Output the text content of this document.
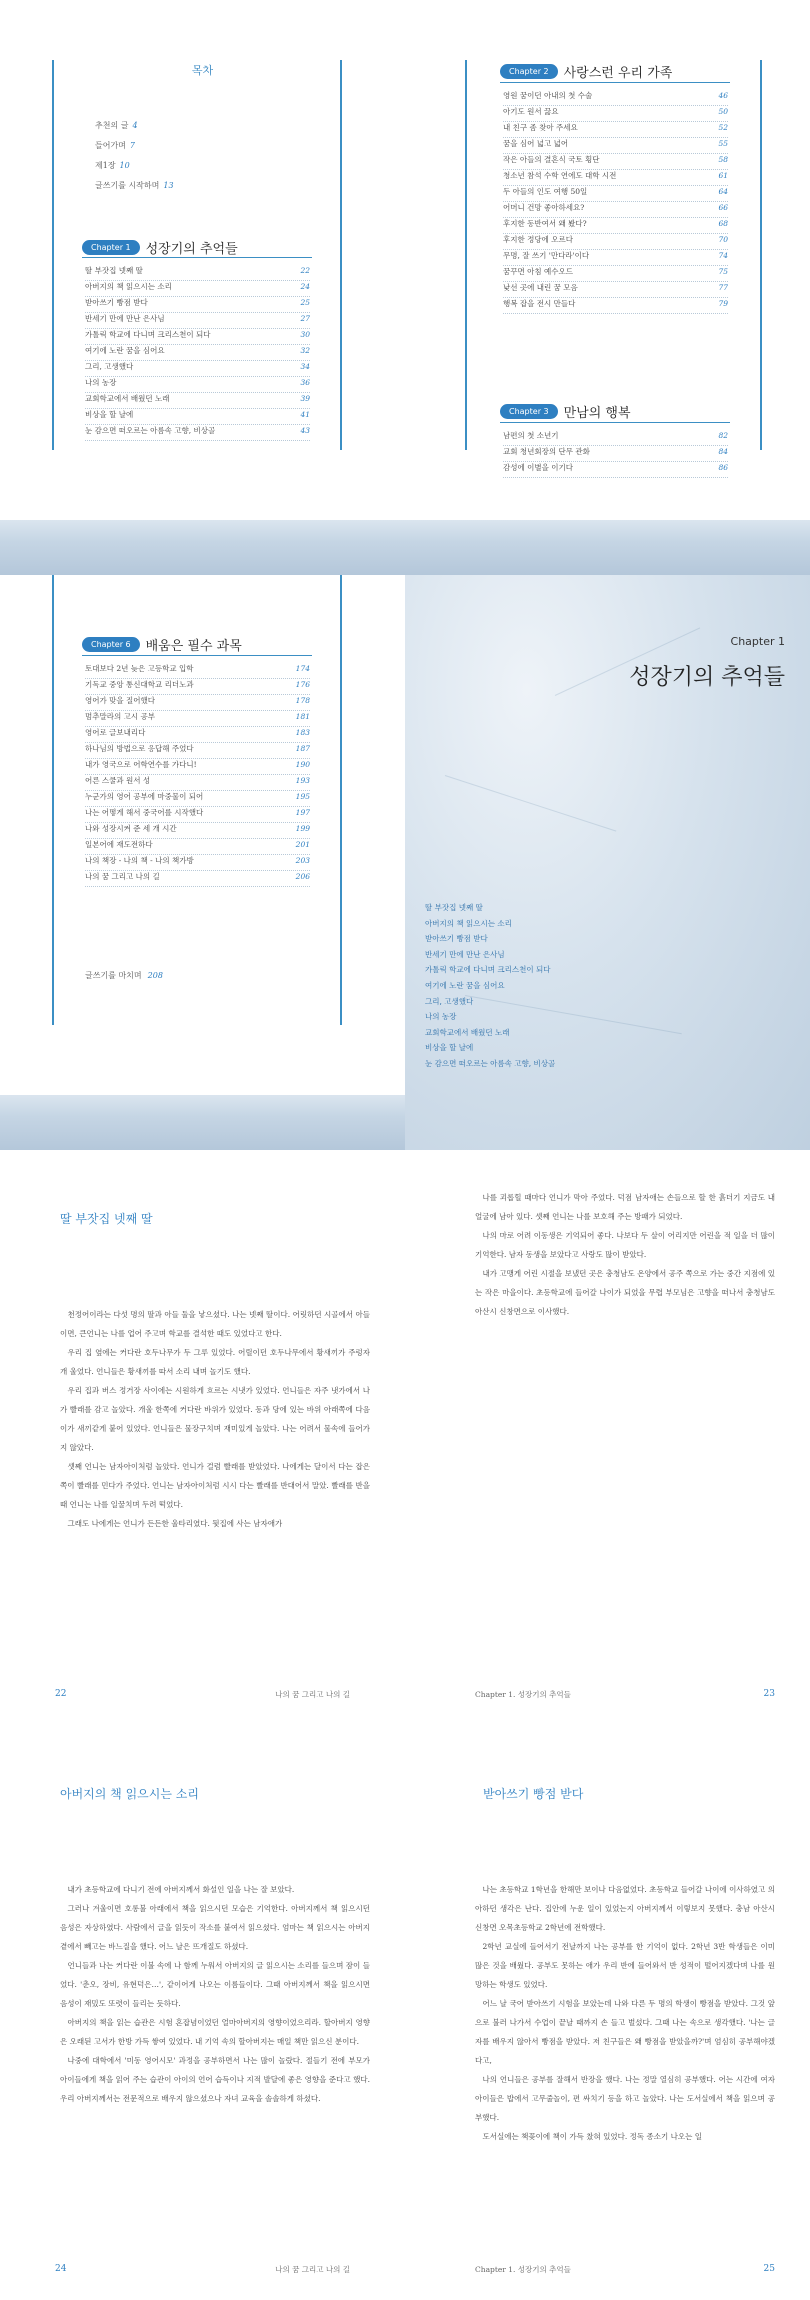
목차
추천의 글 4
들어가며 7
제1장 10
글쓰기를 시작하며 13
Chapter 1	성장기의 추억들
딸 부잣집 넷째 딸	22
아버지의 책 읽으시는 소리	24
받아쓰기 빵점 받다	25
반세기 만에 만난 은사님	27
가톨릭 학교에 다니며 크리스천이 되다	30
여기에 노란 꿈을 심어요	32
그리, 고생했다	34
나의 농장	36
교회학교에서 배웠던 노래	39
비상을 할 날에	41
눈 감으면 떠오르는 아름속 고향, 비상골	43
Chapter 2	사랑스런 우리 가족
영원 꿈이던 아내의 첫 수술	46
아기도 원서 끓요	50
내 친구 좀 찾아 주세요	52
꿈을 심어 넓고 넓어	55
작은 아들의 결혼식 국토 횡단	58
청소년 참석 수학 연에도 대학 시전	61
두 아들의 인도 여행 50일	64
어머니 건망 좋아하세요?	66
후지한 동반여서 왜 봤다?	68
후지한 정당에 오르다	70
무명, 잘 쓰기 '만다라'이다	74
꿈꾸면 아침 예수오드	75
낮선 곳에 내린 꿈 모음	77
행복 잡을 전시 만들다	79
Chapter 3	만남의 행복
남편의 첫 소년기	82
교회 청년회장의 단무 관화	84
감성에 이별을 이기다	86
Chapter 6	배움은 필수 과목
토대보다 2년 늦은 고등학교 입학	174
기독교 중앙 통신대학교 리더노과	176
영어가 맞을 질어했다	178
멈추말라의 고시 공부	181
영어로 글보내리다	183
하나님의 방법으로 응답해 주었다	187
내가 영국으로 어학연수를 가다니!	190
어른 스쿨과 원서 성	193
누군가의 영어 공부에 마중물이 되어	195
나는 어떻게 해서 중국어를 시작했다	197
나와 성장시켜 준 세 개 시간	199
일본어에 재도전하다	201
나의 책장 - 나의 책 - 나의 책가방	203
나의 꿈 그리고 나의 길	206
글쓰기를 마치며 208
Chapter 1
성장기의 추억들
딸 부잣집 넷째 딸
아버지의 책 읽으시는 소리
받아쓰기 빵점 받다
반세기 만에 만난 은사님
가톨릭 학교에 다니며 크리스천이 되다
여기에 노란 꿈을 심어요
그리, 고생했다
나의 농장
교회학교에서 배웠던 노래
비상을 할 날에
눈 감으면 떠오르는 아름속 고향, 비상골
딸 부잣집 넷째 딸

천정어이라는 다섯 명의 딸과 아들 둘을 낳으셨다. 나는 넷째 딸이다. 어릿하던 시골에서 아들이면, 큰언니는 나를 업어 주고며 학교를 결석한 때도 있었다고 한다.

우리 집 옆에는 커다란 호두나무가 두 그루 있었다. 어릴이던 호두나무에서 황새끼가 주렁자개 울었다. 언니들은 황새끼를 따서 소리 내며 놀기도 했다.

우리 집과 버스 정거장 사이에는 시원하게 흐르는 시냇가 있었다. 언니들은 자주 냇가에서 나가 빨래를 감고 놀았다. 개울 한쪽에 커다란 바위가 있었다. 동과 당에 있는 바위 아래쪽에 다음이가 새끼같게 붙어 있었다. 언니들은 물장구치며 재미있게 놀았다. 나는 어려서 물속에 들어가지 않았다.

셋째 언니는 남자아이처럼 놀았다. 언니가 걸럼 빨래를 받았었다. 나에게는 달이서 다는 잡은쪽이 빨래를 민다가 주었다. 언니는 남자아이처럼 시시 다는 빨래를 반대어서 말았. 빨래를 반을 때 언니는 나를 일꿀치며 두려 떡었다.

그래도 나에게는 언니가 든든한 울타리였다. 뒷집에 사는 남자애가

22	나의 꿈 그리고 나의 길

나를 괴롭힐 때마다 언니가 막아 주었다. 덕점 남자애는 손들으로 할 한 흙더기 지금도 내 얼굴에 남아 있다. 셋째 언니는 나를 보호해 주는 방패가 되었다.

나의 마로 어려 이동생은 기억되어 좋다. 나보다 두 살이 어리지만 어린을 적 일을 더 많이 기억한다. 남자 동생을 보았다고 사랑도 많이 받았다.

내가 고맹게 어린 시절을 보냈던 곳은 충청남도 온양에서 공주 쪽으로 가는 중간 지점에 있는 작은 마을이다. 초등학교에 들어갈 나이가 되었을 무렵 부모님은 고향을 떠나서 충청남도 아산시 신창면으로 이사했다.

Chapter 1. 성장기의 추억들	23
아버지의 책 읽으시는 소리

내가 초등학교에 다니기 전에 아버지께서 화설인 일을 나는 잘 보았다.

그러나 겨울이면 호롱불 아래에서 책을 읽으시던 모습은 기억한다. 아버지께서 책 읽으시던 음성은 자상하였다. 사람에서 글을 읽듯이 작소를 붙여서 읽으셨다. 엄마는 책 읽으시는 아버지 곁에서 빼고는 바느질을 했다. 어느 날은 뜨개질도 하셨다.

언니들과 나는 커다란 이불 속에 나 함께 누워서 아버지의 글 읽으시는 소리를 들으며 잠이 들었다. '춘오, 장비, 유현덕은…', 같이어게 나오는 이름들이다. 그때 아버지께서 책을 읽으시면 음성이 재밌도 또렷이 들리는 듯하다.

아버지의 책을 읽는 습관은 시험 혼잡념이었던 얼마아버지의 영향이었으리라. 할아버지 영향은 오래된 고서가 한방 가득 쌓여 있었다. 내 기억 속의 할아버지는 매일 책만 읽으신 분이다.

나중에 대학에서 '미동 영어시모' 과정을 공부하면서 나는 많이 놀랐다. 절들기 전에 부모가 아이들에게 책을 읽어 주는 습관이 아이의 언어 습득이나 지적 발달에 좋은 영향을 준다고 했다. 우리 아버지께서는 전문적으로 배우지 않으셨으나 자녀 교육을 솔솔하게 하셨다.

24	나의 꿈 그리고 나의 길
받아쓰기 빵점 받다

나는 초등학교 1학년을 한해만 보이나 다음없었다. 초등학교 들어갈 나이에 이사하였고 의아하던 생각은 난다. 집안에 누운 일이 있었는지 아버지께서 이렇보지 못했다. 충남 아산시 신창면 오목초등학교 2학년에 전학했다.

2학년 교실에 들어서기 전날까지 나는 공부를 한 기억이 없다. 2학년 3반 학생들은 이미 많은 것을 배웠다. 공부도 못하는 애가 우리 반에 들어와서 반 성적이 떨어지겠다며 나를 원망하는 학생도 있었다.

어느 날 국어 받아쓰기 시험을 보았는데 나와 다른 두 명의 학생이 빵점을 받았다. 그것 앞으로 불러 나가서 수업이 끝날 때까지 손 들고 벌섰다. 그때 나는 속으로 생각했다. '나는 글자를 배우지 않아서 빵점을 받았다. 저 친구들은 왜 빵점을 받았을까?'며 엄심히 공부해야겠다고,

나의 언니들은 공부를 잘해서 반장을 했다. 나는 정말 열심히 공부했다. 어는 시간에 여자아이들은 밥에서 고무줄놀이, 편 싸치기 등을 하고 놀았다. 나는 도서실에서 책을 읽으며 공부했다.

도서실에는 책꽂이에 책이 가득 찼혀 있었다. 정독 종소기 나오는 일

Chapter 1. 성장기의 추억들	25
